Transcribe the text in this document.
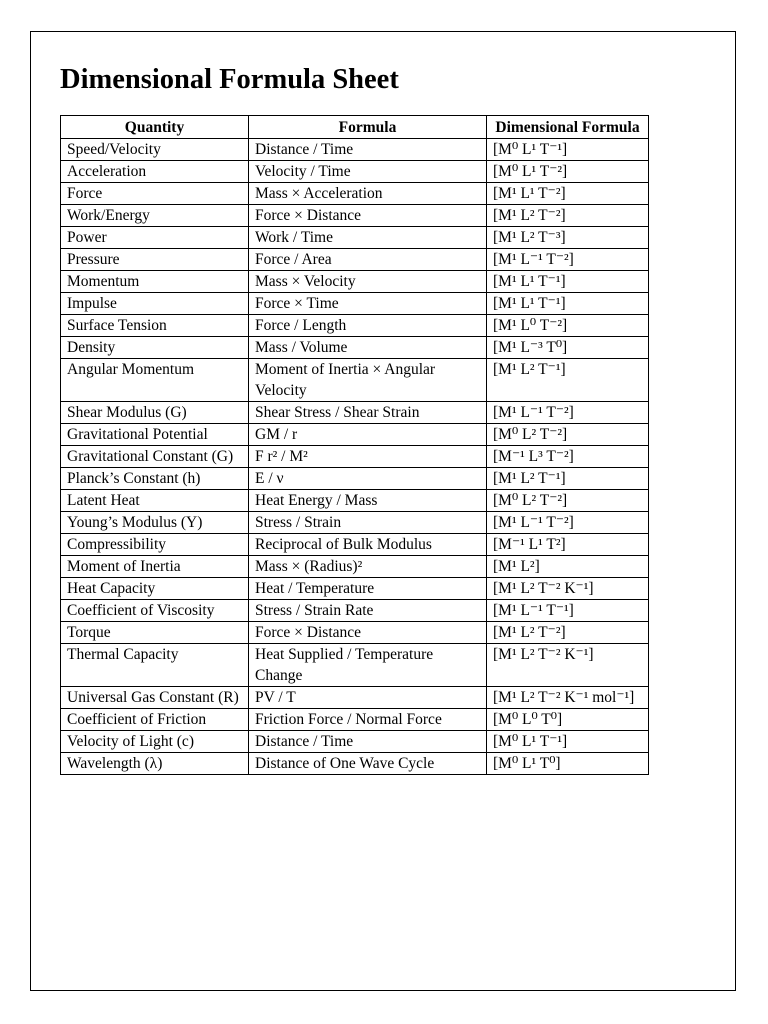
Dimensional Formula Sheet
Quantity	Formula	Dimensional Formula
Speed/Velocity	Distance / Time	[M⁰ L¹ T⁻¹]
Acceleration	Velocity / Time	[M⁰ L¹ T⁻²]
Force	Mass × Acceleration	[M¹ L¹ T⁻²]
Work/Energy	Force × Distance	[M¹ L² T⁻²]
Power	Work / Time	[M¹ L² T⁻³]
Pressure	Force / Area	[M¹ L⁻¹ T⁻²]
Momentum	Mass × Velocity	[M¹ L¹ T⁻¹]
Impulse	Force × Time	[M¹ L¹ T⁻¹]
Surface Tension	Force / Length	[M¹ L⁰ T⁻²]
Density	Mass / Volume	[M¹ L⁻³ T⁰]
Angular Momentum	Moment of Inertia × Angular Velocity	[M¹ L² T⁻¹]
Shear Modulus (G)	Shear Stress / Shear Strain	[M¹ L⁻¹ T⁻²]
Gravitational Potential	GM / r	[M⁰ L² T⁻²]
Gravitational Constant (G)	F r² / M²	[M⁻¹ L³ T⁻²]
Planck’s Constant (h)	E / ν	[M¹ L² T⁻¹]
Latent Heat	Heat Energy / Mass	[M⁰ L² T⁻²]
Young’s Modulus (Y)	Stress / Strain	[M¹ L⁻¹ T⁻²]
Compressibility	Reciprocal of Bulk Modulus	[M⁻¹ L¹ T²]
Moment of Inertia	Mass × (Radius)²	[M¹ L²]
Heat Capacity	Heat / Temperature	[M¹ L² T⁻² K⁻¹]
Coefficient of Viscosity	Stress / Strain Rate	[M¹ L⁻¹ T⁻¹]
Torque	Force × Distance	[M¹ L² T⁻²]
Thermal Capacity	Heat Supplied / Temperature Change	[M¹ L² T⁻² K⁻¹]
Universal Gas Constant (R)	PV / T	[M¹ L² T⁻² K⁻¹ mol⁻¹]
Coefficient of Friction	Friction Force / Normal Force	[M⁰ L⁰ T⁰]
Velocity of Light (c)	Distance / Time	[M⁰ L¹ T⁻¹]
Wavelength (λ)	Distance of One Wave Cycle	[M⁰ L¹ T⁰]
